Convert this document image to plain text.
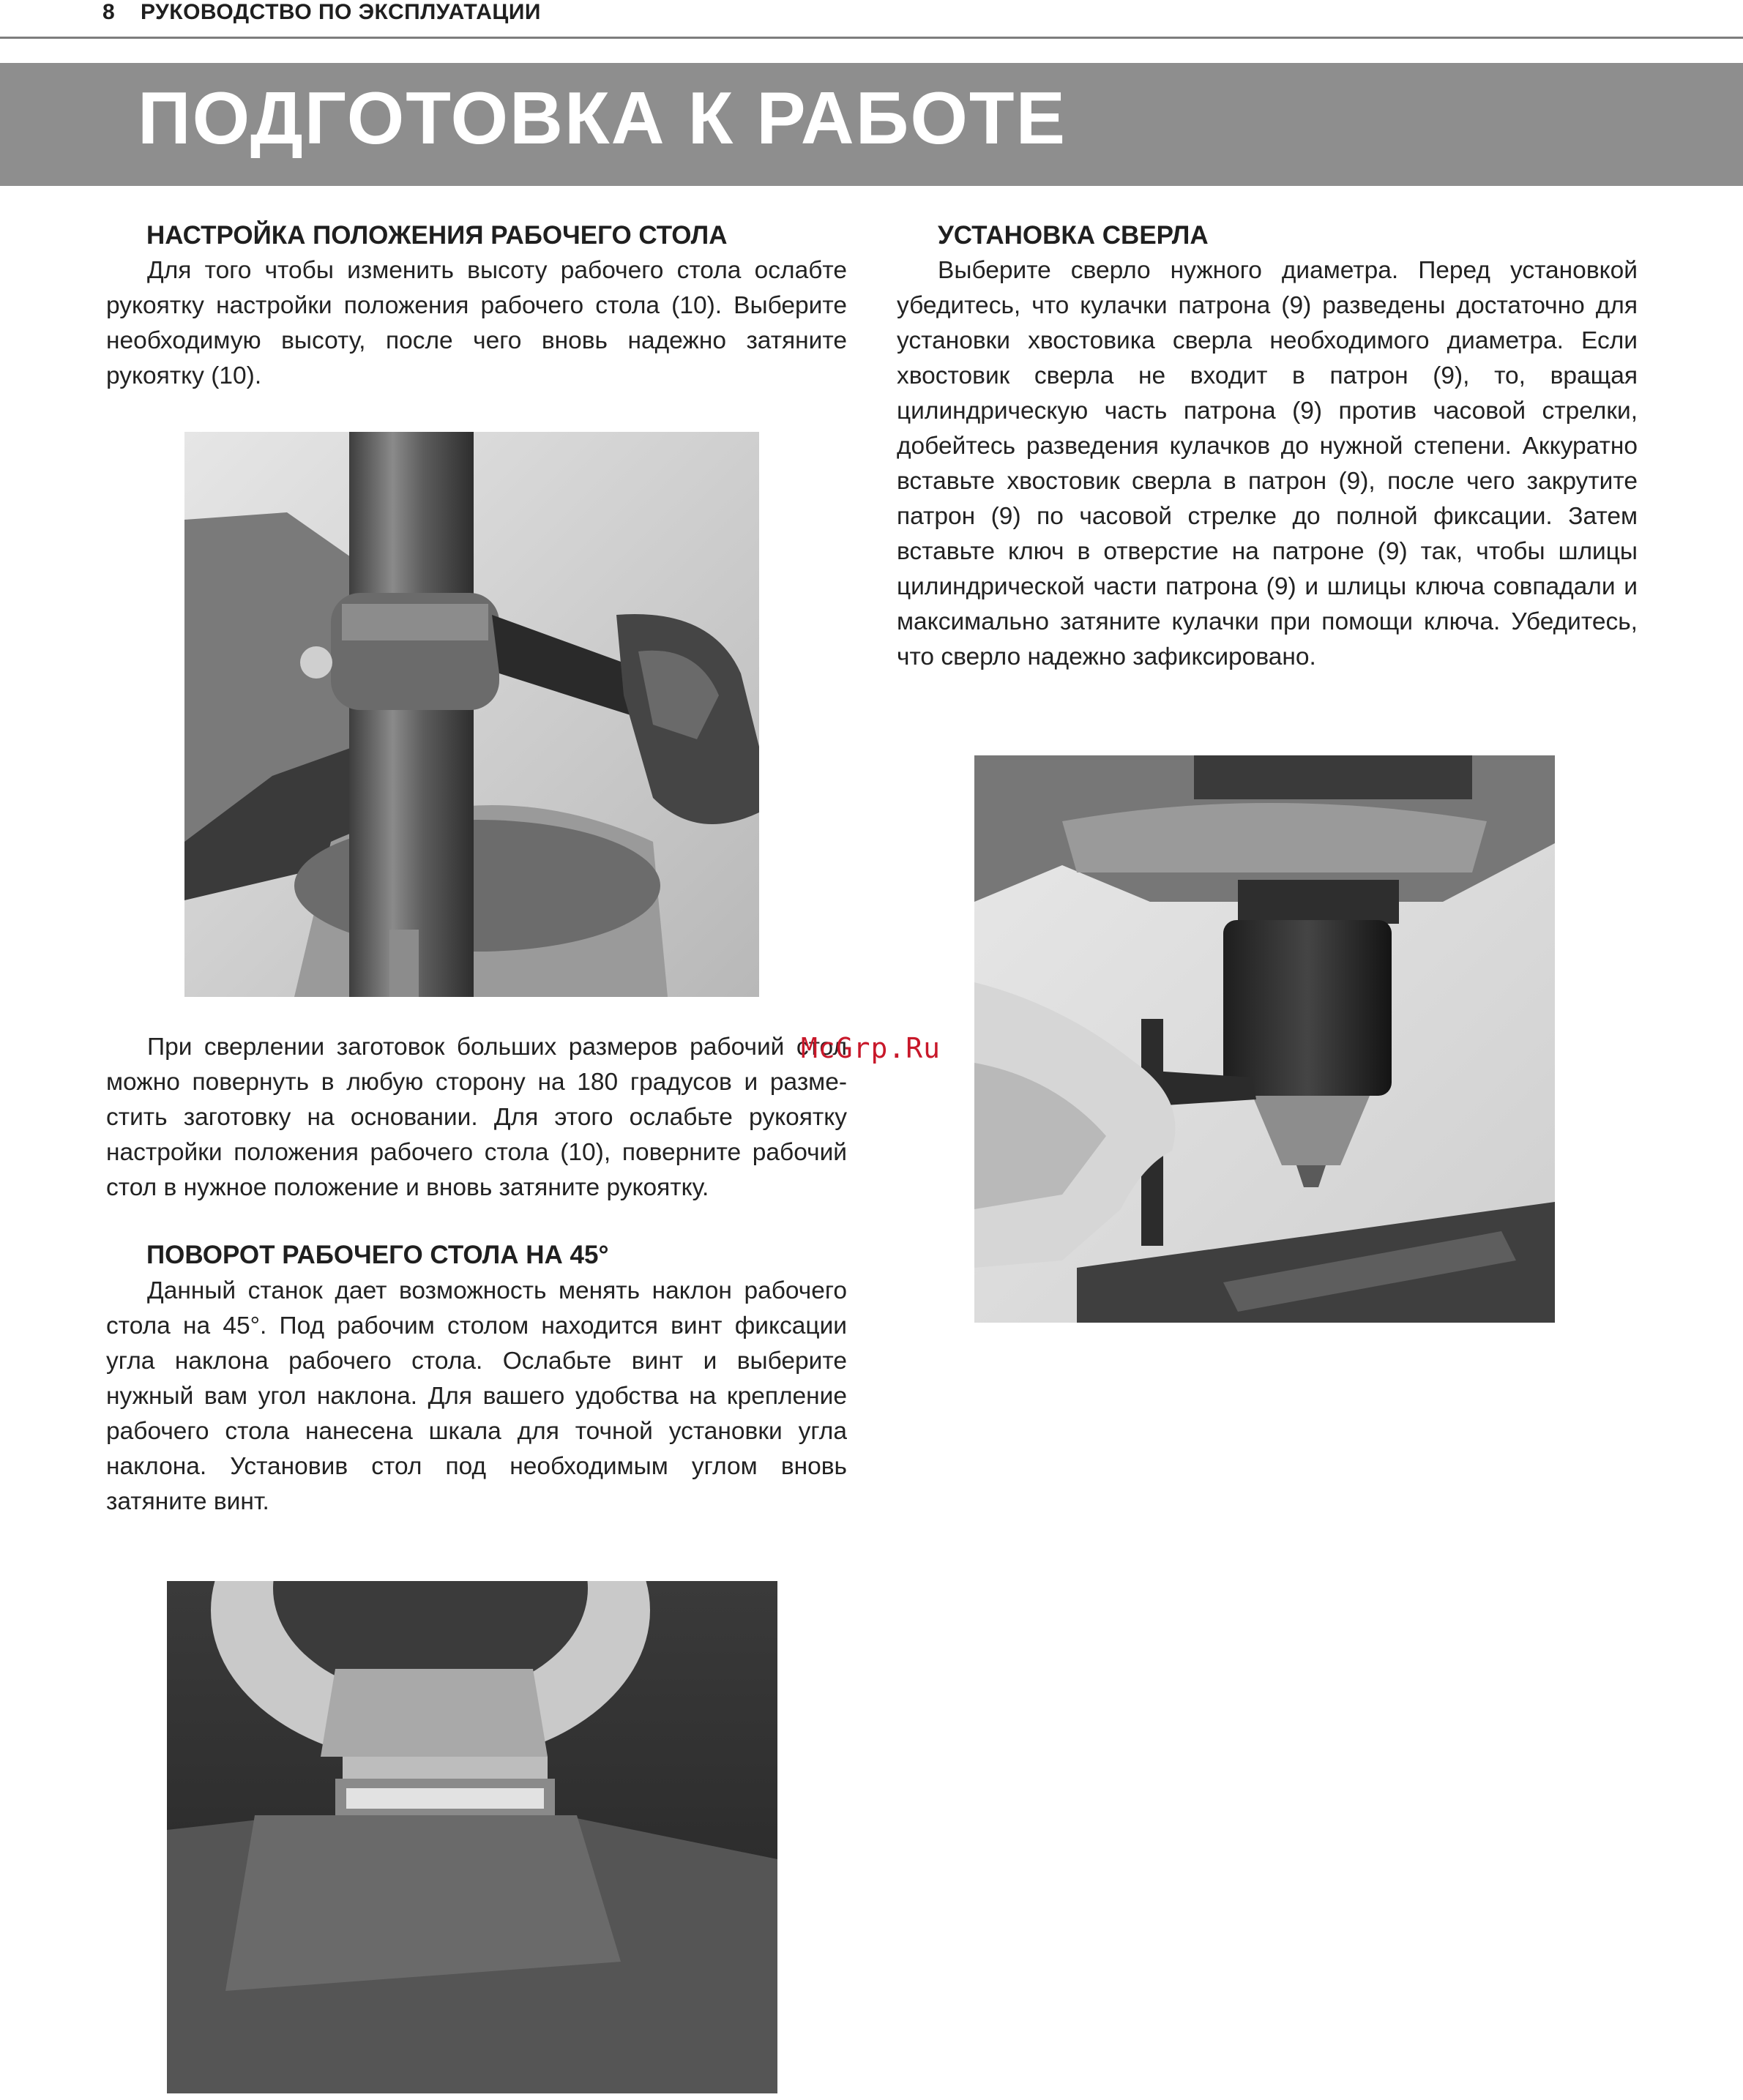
8 РУКОВОДСТВО ПО ЭКСПЛУАТАЦИИ
ПОДГОТОВКА К РАБОТЕ
НАСТРОЙКА ПОЛОЖЕНИЯ РАБОЧЕГО СТОЛА
Для того чтобы изменить высоту рабочего стола ослабте рукоятку настройки положения рабочего стола (10). Выберите необходимую высоту, после чего вновь надежно затяните рукоятку (10).
При сверлении заготовок больших размеров рабочий стол можно повернуть в любую сторону на 180 градусов и разместить заготовку на основании. Для этого ослабьте рукоятку настройки положения рабочего стола (10), поверните рабочий стол в нужное положение и вновь затяните рукоятку.
ПОВОРОТ РАБОЧЕГО СТОЛА НА 45°
Данный станок дает возможность менять наклон рабочего стола на 45°. Под рабочим столом находится винт фиксации угла наклона рабочего стола. Ослабьте винт и выберите нужный вам угол наклона. Для вашего удобства на крепление рабочего стола нанесена шкала для точной установки угла наклона. Установив стол под необходимым углом вновь затяните винт.
УСТАНОВКА СВЕРЛА
Выберите сверло нужного диаметра. Перед установкой убедитесь, что кулачки патрона (9) разведены достаточно для установки хвостовика сверла необходимого диаметра. Если хвостовик сверла не входит в патрон (9), то, вращая цилиндрическую часть патрона (9) против часовой стрелки, добейтесь разведения кулачков до нужной степени. Аккуратно вставьте хвостовик сверла в патрон (9), после чего закрутите патрон (9) по часовой стрелке до полной фиксации. Затем вставьте ключ в отверстие на патроне (9) так, чтобы шлицы цилиндрической части патрона (9) и шлицы ключа совпадали и максимально затяните кулачки при помощи ключа. Убедитесь, что сверло надежно зафиксировано.
McGrp.Ru
